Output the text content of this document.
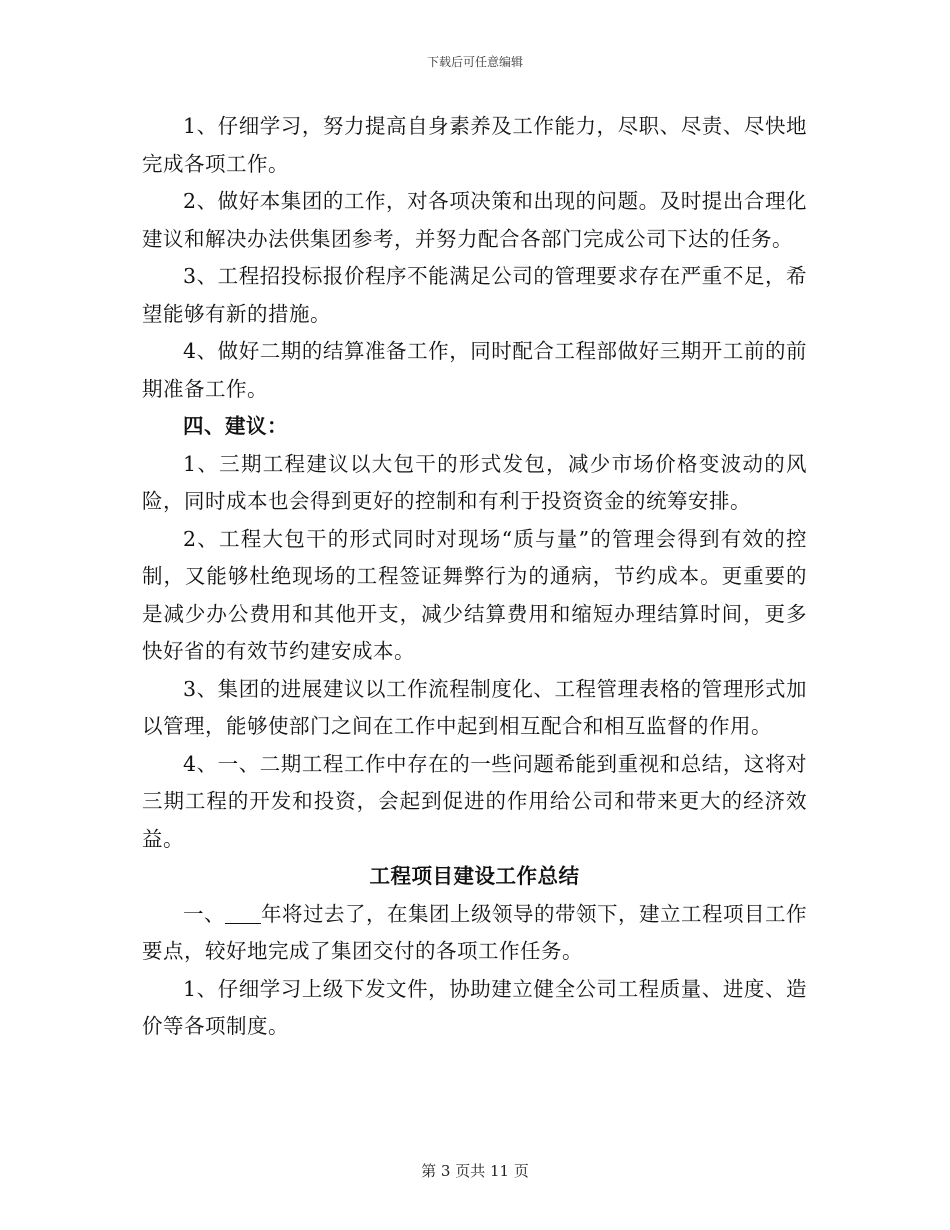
下载后可任意编辑

1、仔细学习，努力提高自身素养及工作能力，尽职、尽责、尽快地完成各项工作。

2、做好本集团的工作，对各项决策和出现的问题。及时提出合理化建议和解决办法供集团参考，并努力配合各部门完成公司下达的任务。

3、工程招投标报价程序不能满足公司的管理要求存在严重不足，希望能够有新的措施。

4、做好二期的结算准备工作，同时配合工程部做好三期开工前的前期准备工作。

四、建议：

1、三期工程建议以大包干的形式发包，减少市场价格变波动的风险，同时成本也会得到更好的控制和有利于投资资金的统筹安排。

2、工程大包干的形式同时对现场“质与量”的管理会得到有效的控制，又能够杜绝现场的工程签证舞弊行为的通病，节约成本。更重要的是减少办公费用和其他开支，减少结算费用和缩短办理结算时间，更多快好省的有效节约建安成本。

3、集团的进展建议以工作流程制度化、工程管理表格的管理形式加以管理，能够使部门之间在工作中起到相互配合和相互监督的作用。

4、一、二期工程工作中存在的一些问题希能到重视和总结，这将对三期工程的开发和投资，会起到促进的作用给公司和带来更大的经济效益。

工程项目建设工作总结

一、 年将过去了，在集团上级领导的带领下，建立工程项目工作要点，较好地完成了集团交付的各项工作任务。

1、仔细学习上级下发文件，协助建立健全公司工程质量、进度、造价等各项制度。

第 3 页共 11 页
